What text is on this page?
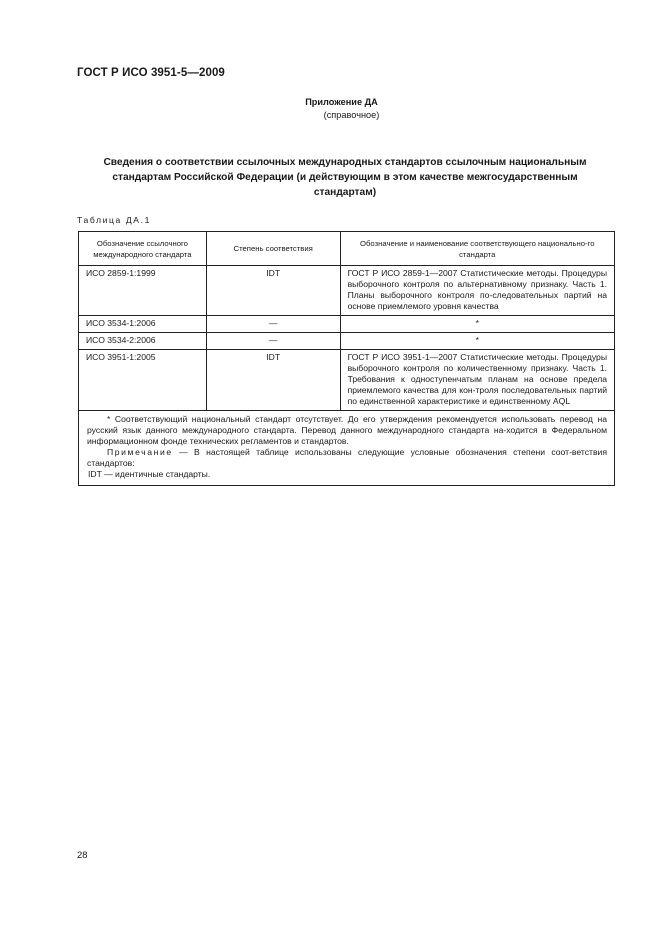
ГОСТ Р ИСО 3951-5—2009
Приложение ДА
(справочное)
Сведения о соответствии ссылочных международных стандартов ссылочным национальным стандартам Российской Федерации (и действующим в этом качестве межгосударственным стандартам)
Таблица ДА.1
Обозначение ссылочного международного стандарта	Степень соответствия	Обозначение и наименование соответствующего национально-го стандарта
ИСО 2859-1:1999	IDT	ГОСТ Р ИСО 2859-1—2007 Статистические методы. Процедуры выборочного контроля по альтернативному признаку. Часть 1. Планы выборочного контроля по-следовательных партий на основе приемлемого уровня качества
ИСО 3534-1:2006	—	*
ИСО 3534-2:2006	—	*
ИСО 3951-1:2005	IDT	ГОСТ Р ИСО 3951-1—2007 Статистические методы. Процедуры выборочного контроля по количественному признаку. Часть 1. Требования к одноступенчатым планам на основе предела приемлемого качества для кон-троля последовательных партий по единственной характеристике и единственному AQL

* Соответствующий национальный стандарт отсутствует. До его утверждения рекомендуется использовать перевод на русский язык данного международного стандарта. Перевод данного международного стандарта на-ходится в Федеральном информационном фонде технических регламентов и стандартов.

Примечание — В настоящей таблице использованы следующие условные обозначения степени соот-ветствия стандартов:

IDT — идентичные стандарты.		

28
